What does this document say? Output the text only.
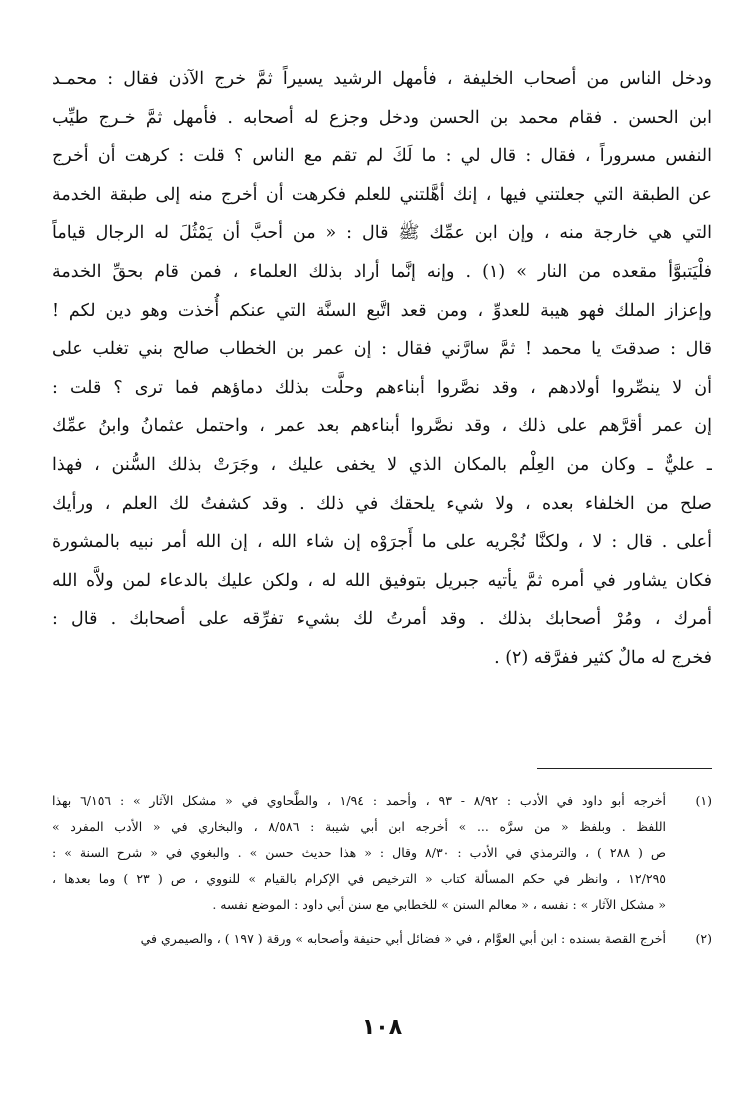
ودخل الناس من أصحاب الخليفة ، فأمهل الرشيد يسيراً ثمَّ خرج الآذن فقال : محمـد
ابن الحسن . فقام محمد بن الحسن ودخل وجزع له أصحابه . فأمهل ثمَّ خـرج طيِّب
النفس مسروراً ، فقال : قال لي : ما لَكَ لم تقم مع الناس ؟ قلت : كرهت أن أخرج
عن الطبقة التي جعلتني فيها ، إنك أهَّلتني للعلم فكرهت أن أخرج منه إلى طبقة الخدمة
التي هي خارجة منه ، وإن ابن عمِّك ﷺ قال : « من أحبَّ أن يَمْثُلَ له الرجال قياماً
فلْيَتبوَّأ مقعده من النار » (١) . وإنه إنَّما أراد بذلك العلماء ، فمن قام بحقِّ الخدمة
وإعزاز الملك فهو هيبة للعدوِّ ، ومن قعد اتَّبع السنَّة التي عنكم أُخذت وهو دين لكم !
قال : صدقتَ يا محمد ! ثمَّ سارَّني فقال : إن عمر بن الخطاب صالح بني تغلب على
أن لا ينصِّروا أولادهم ، وقد نصَّروا أبناءهم وحلَّت بذلك دماؤهم فما ترى ؟ قلت :
إن عمر أقرَّهم على ذلك ، وقد نصَّروا أبناءهم بعد عمر ، واحتمل عثمانُ وابنُ عمِّك
ـ عليٌّ ـ وكان من العِلْم بالمكان الذي لا يخفى عليك ، وجَرَتْ بذلك السُّنن ، فهذا
صلح من الخلفاء بعده ، ولا شيء يلحقك في ذلك . وقد كشفتُ لك العلم ، ورأيك
أعلى . قال : لا ، ولكنَّا نُجْريه على ما أَجرَوْه إن شاء الله ، إن الله أمر نبيه بالمشورة
فكان يشاور في أمره ثمَّ يأتيه جبريل بتوفيق الله له ، ولكن عليك بالدعاء لمن ولاَّه الله
أمرك ، ومُرْ أصحابك بذلك . وقد أمرتُ لك بشيء تفرِّقه على أصحابك . قال :
فخرج له مالٌ كثير ففرَّقه (٢) .
(١)
أخرجه أبو داود في الأدب : ٨/٩٢ - ٩٣ ، وأحمد : ١/٩٤ ، والطَّحاوي في « مشكل الآثار » : ٦/١٥٦ بهذا
اللفظ . وبلفظ « من سرَّه ... » أخرجه ابن أبي شيبة : ٨/٥٨٦ ، والبخاري في « الأدب المفرد »
ص ( ٢٨٨ ) ، والترمذي في الأدب : ٨/٣٠ وقال : « هذا حديث حسن » . والبغوي في « شرح السنة » :
١٢/٢٩٥ ، وانظر في حكم المسألة كتاب « الترخيص في الإكرام بالقيام » للنووي ، ص ( ٢٣ ) وما بعدها ،
« مشكل الآثار » : نفسه ، « معالم السنن » للخطابي مع سنن أبي داود : الموضع نفسه .
(٢)
أخرج القصة بسنده : ابن أبي العوَّام ، في « فضائل أبي حنيفة وأصحابه » ورقة ( ١٩٧ ) ، والصيمري في
١٠٨
